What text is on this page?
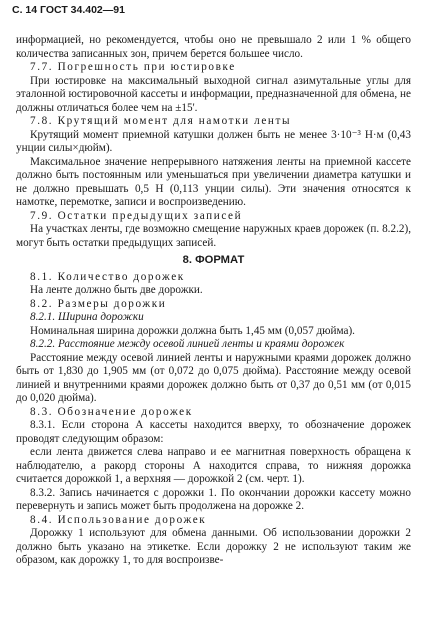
С. 14 ГОСТ 34.402—91

информацией, но рекомендуется, чтобы оно не превышало 2 или 1 % общего количества записанных зон, причем берется большее число.

7.7. Погрешность при юстировке

При юстировке на максимальный выходной сигнал азимутальные углы для эталонной юстировочной кассеты и информации, предназначенной для обмена, не должны отличаться более чем на ±15'.

7.8. Крутящий момент для намотки ленты

Крутящий момент приемной катушки должен быть не менее 3·10⁻³ Н·м (0,43 унции силы×дюйм).

Максимальное значение непрерывного натяжения ленты на приемной кассете должно быть постоянным или уменьшаться при увеличении диаметра катушки и не должно превышать 0,5 Н (0,113 унции силы). Эти значения относятся к намотке, перемотке, записи и воспроизведению.

7.9. Остатки предыдущих записей

На участках ленты, где возможно смещение наружных краев дорожек (п. 8.2.2), могут быть остатки предыдущих записей.

8. ФОРМАТ

8.1. Количество дорожек

На ленте должно быть две дорожки.

8.2. Размеры дорожки

8.2.1. Ширина дорожки

Номинальная ширина дорожки должна быть 1,45 мм (0,057 дюйма).

8.2.2. Расстояние между осевой линией ленты и краями дорожек

Расстояние между осевой линией ленты и наружными краями дорожек должно быть от 1,830 до 1,905 мм (от 0,072 до 0,075 дюйма). Расстояние между осевой линией и внутренними краями дорожек должно быть от 0,37 до 0,51 мм (от 0,015 до 0,020 дюйма).

8.3. Обозначение дорожек

8.3.1. Если сторона А кассеты находится вверху, то обозначение дорожек проводят следующим образом:

если лента движется слева направо и ее магнитная поверхность обращена к наблюдателю, а ракорд стороны А находится справа, то нижняя дорожка считается дорожкой 1, а верхняя — дорожкой 2 (см. черт. 1).

8.3.2. Запись начинается с дорожки 1. По окончании дорожки кассету можно перевернуть и запись может быть продолжена на дорожке 2.

8.4. Использование дорожек

Дорожку 1 используют для обмена данными. Об использовании дорожки 2 должно быть указано на этикетке. Если дорожку 2 не используют таким же образом, как дорожку 1, то для воспроизве-
